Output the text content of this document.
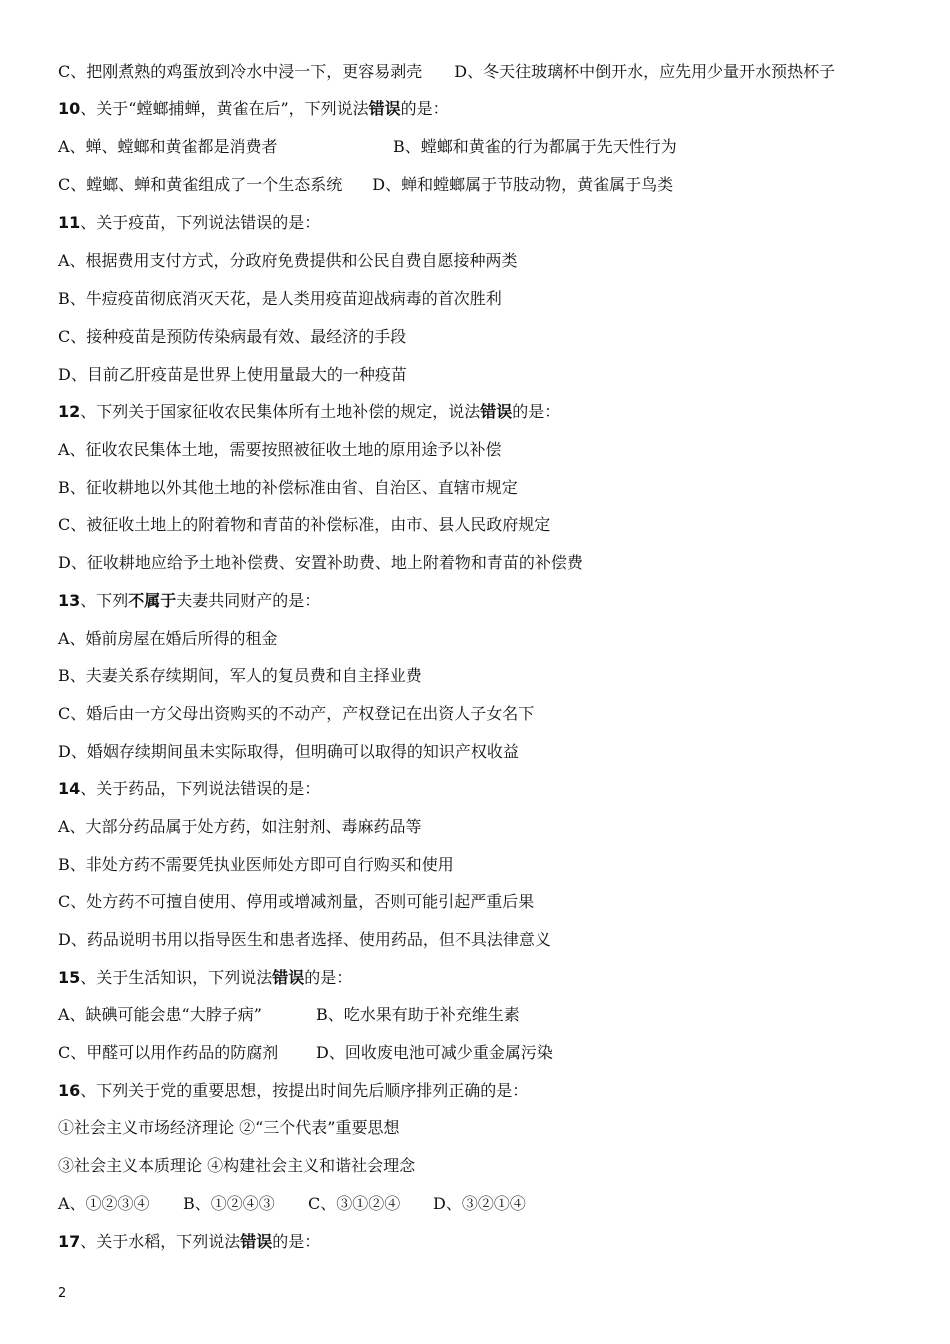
C、把刚煮熟的鸡蛋放到冷水中浸一下，更容易剥壳 D、冬天往玻璃杯中倒开水，应先用少量开水预热杯子
10、关于“螳螂捕蝉，黄雀在后”，下列说法错误的是：
A、蝉、螳螂和黄雀都是消费者	B、螳螂和黄雀的行为都属于先天性行为
C、螳螂、蝉和黄雀组成了一个生态系统 D、蝉和螳螂属于节肢动物，黄雀属于鸟类
11、关于疫苗，下列说法错误的是：
A、根据费用支付方式，分政府免费提供和公民自费自愿接种两类
B、牛痘疫苗彻底消灭天花，是人类用疫苗迎战病毒的首次胜利
C、接种疫苗是预防传染病最有效、最经济的手段
D、目前乙肝疫苗是世界上使用量最大的一种疫苗
12、下列关于国家征收农民集体所有土地补偿的规定，说法错误的是：
A、征收农民集体土地，需要按照被征收土地的原用途予以补偿
B、征收耕地以外其他土地的补偿标准由省、自治区、直辖市规定
C、被征收土地上的附着物和青苗的补偿标准，由市、县人民政府规定
D、征收耕地应给予土地补偿费、安置补助费、地上附着物和青苗的补偿费
13、下列不属于夫妻共同财产的是：
A、婚前房屋在婚后所得的租金
B、夫妻关系存续期间，军人的复员费和自主择业费
C、婚后由一方父母出资购买的不动产，产权登记在出资人子女名下
D、婚姻存续期间虽未实际取得，但明确可以取得的知识产权收益
14、关于药品，下列说法错误的是：
A、大部分药品属于处方药，如注射剂、毒麻药品等
B、非处方药不需要凭执业医师处方即可自行购买和使用
C、处方药不可擅自使用、停用或增减剂量，否则可能引起严重后果
D、药品说明书用以指导医生和患者选择、使用药品，但不具法律意义
15、关于生活知识，下列说法错误的是：
A、缺碘可能会患“大脖子病”	B、吃水果有助于补充维生素
C、甲醛可以用作药品的防腐剂 D、回收废电池可减少重金属污染
16、下列关于党的重要思想，按提出时间先后顺序排列正确的是：
①社会主义市场经济理论 ②“三个代表”重要思想
③社会主义本质理论 ④构建社会主义和谐社会理念
A、①②③④ B、①②④③ C、③①②④ D、③②①④
17、关于水稻，下列说法错误的是：
2
